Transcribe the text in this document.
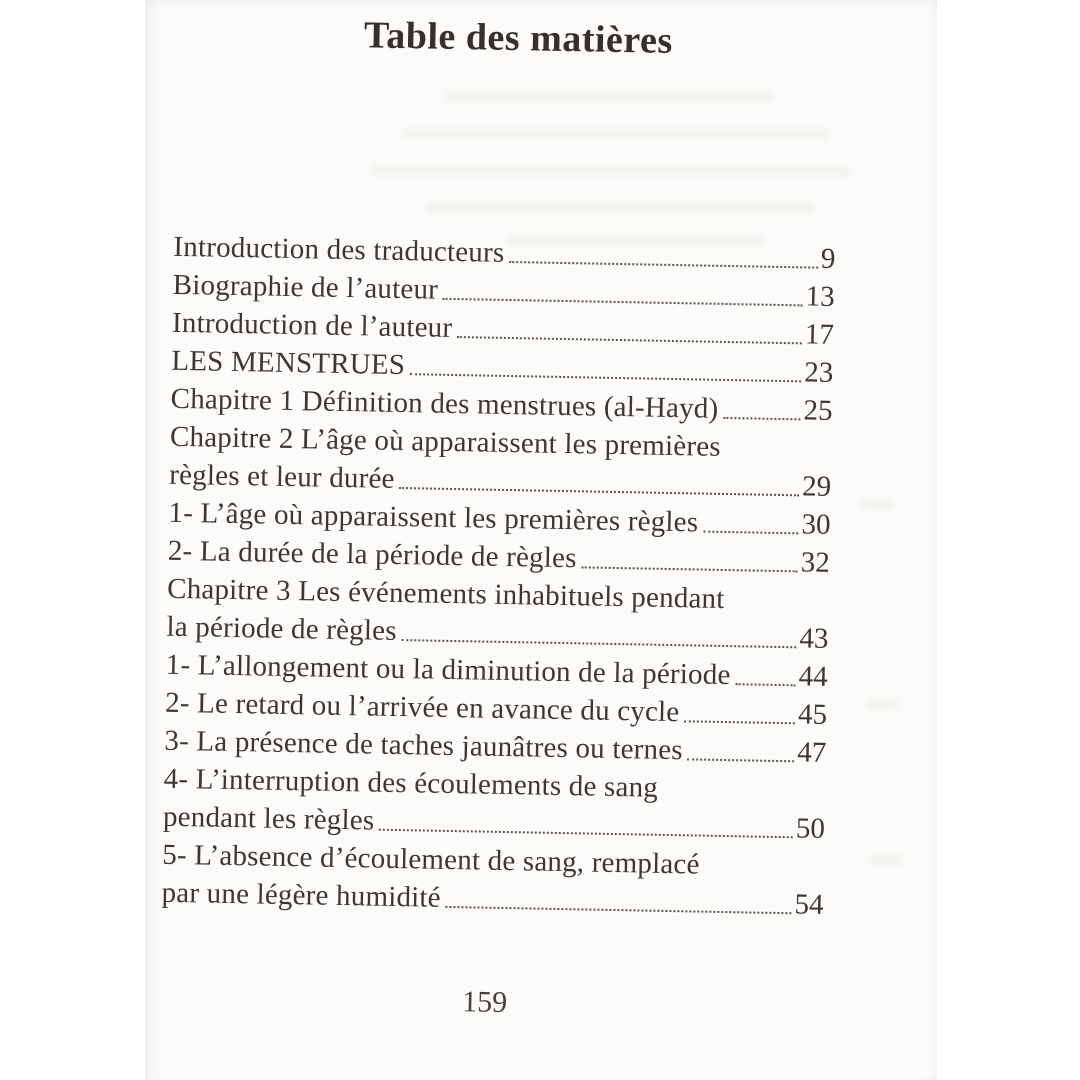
Table des matières
Introduction des traducteurs	9
Biographie de l’auteur	13
Introduction de l’auteur	17
LES MENSTRUES	23
Chapitre 1 Définition des menstrues (al-Hayd)	25
Chapitre 2 L’âge où apparaissent les premières
règles et leur durée	29
1- L’âge où apparaissent les premières règles	30
2- La durée de la période de règles	32
Chapitre 3 Les événements inhabituels pendant
la période de règles	43
1- L’allongement ou la diminution de la période 44
2- Le retard ou l’arrivée en avance du cycle	45
3- La présence de taches jaunâtres ou ternes	47
4- L’interruption des écoulements de sang
pendant les règles	50
5- L’absence d’écoulement de sang, remplacé
par une légère humidité	54
159
